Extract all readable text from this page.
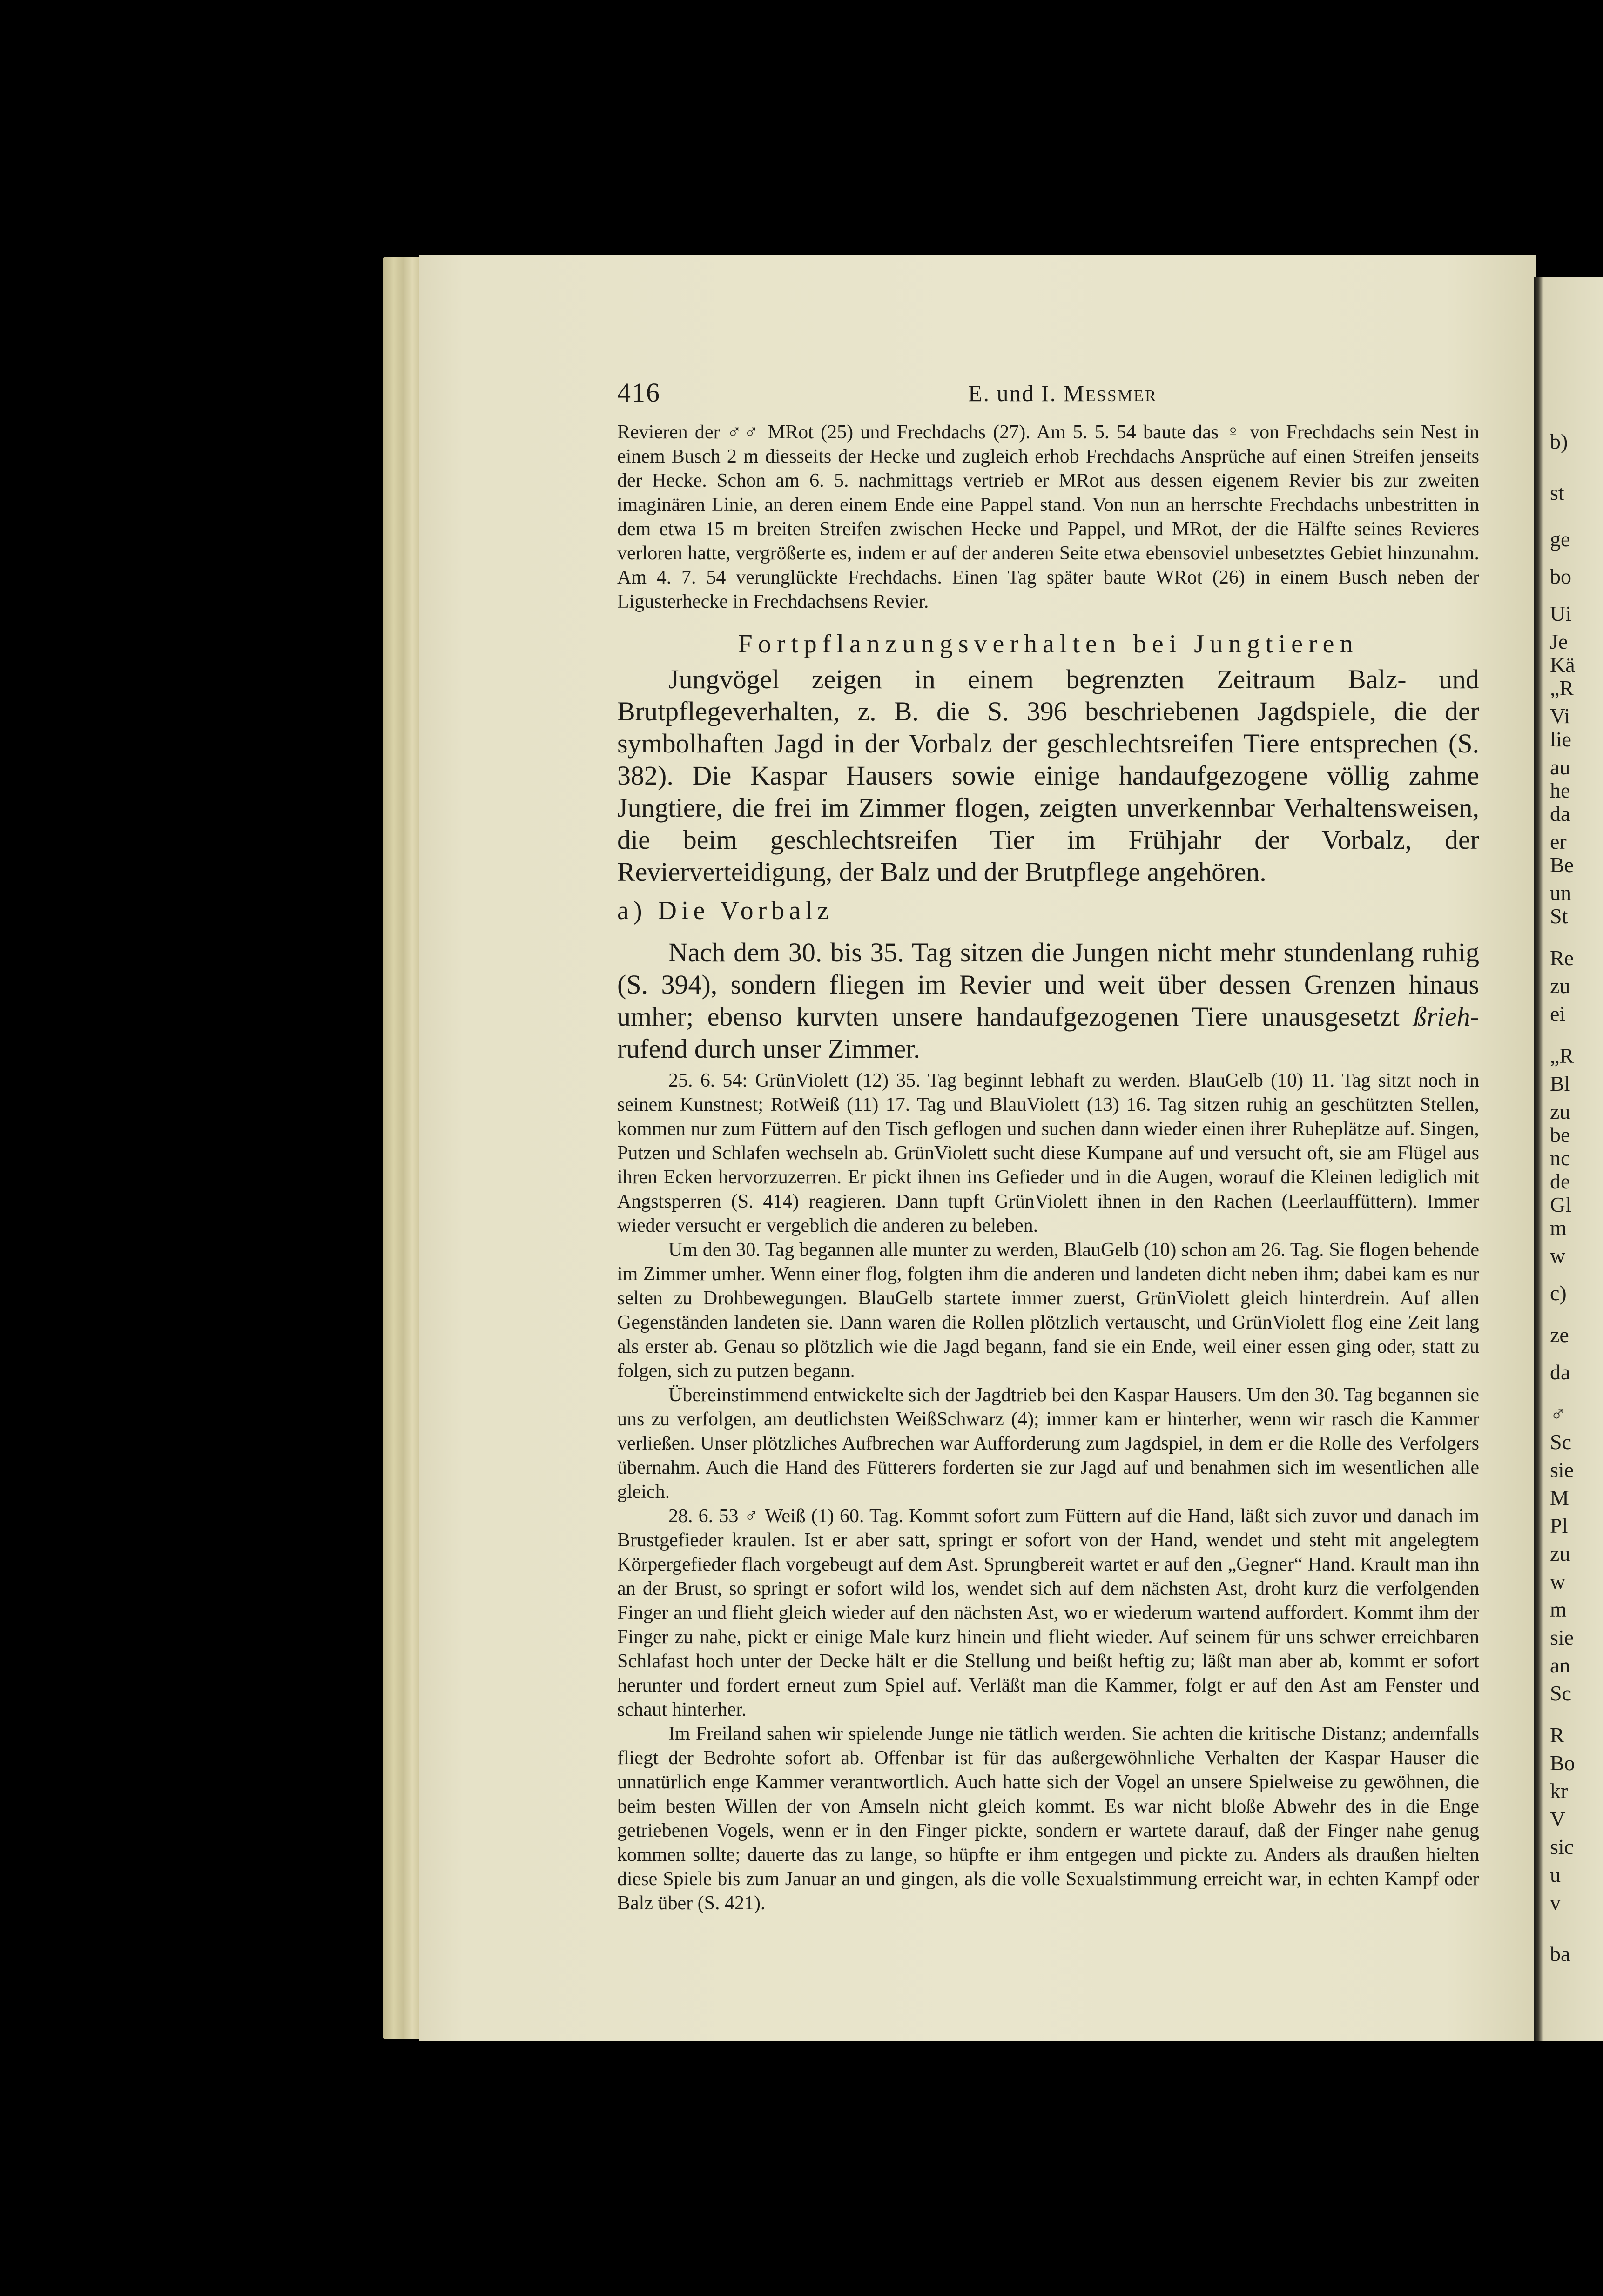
416	E. und I. Messmer

Revieren der ♂♂ MRot (25) und Frechdachs (27). Am 5. 5. 54 baute das ♀ von Frechdachs sein Nest in einem Busch 2 m diesseits der Hecke und zugleich erhob Frechdachs Ansprüche auf einen Streifen jenseits der Hecke. Schon am 6. 5. nachmittags vertrieb er MRot aus dessen eigenem Revier bis zur zweiten imaginären Linie, an deren einem Ende eine Pappel stand. Von nun an herrschte Frechdachs unbestritten in dem etwa 15 m breiten Streifen zwischen Hecke und Pappel, und MRot, der die Hälfte seines Revieres verloren hatte, vergrößerte es, indem er auf der anderen Seite etwa ebensoviel unbesetztes Gebiet hinzunahm. Am 4. 7. 54 verunglückte Frechdachs. Einen Tag später baute WRot (26) in einem Busch neben der Ligusterhecke in Frechdachsens Revier.

Fortpflanzungsverhalten bei Jungtieren

Jungvögel zeigen in einem begrenzten Zeitraum Balz- und Brutpflegeverhalten, z. B. die S. 396 beschriebenen Jagdspiele, die der symbolhaften Jagd in der Vorbalz der geschlechtsreifen Tiere entsprechen (S. 382). Die Kaspar Hausers sowie einige handaufgezogene völlig zahme Jungtiere, die frei im Zimmer flogen, zeigten unverkennbar Verhaltensweisen, die beim geschlechtsreifen Tier im Frühjahr der Vorbalz, der Revierverteidigung, der Balz und der Brutpflege angehören.

a) Die Vorbalz

Nach dem 30. bis 35. Tag sitzen die Jungen nicht mehr stundenlang ruhig (S. 394), sondern fliegen im Revier und weit über dessen Grenzen hinaus umher; ebenso kurvten unsere handaufgezogenen Tiere unausgesetzt ßrieh-rufend durch unser Zimmer.

25. 6. 54: GrünViolett (12) 35. Tag beginnt lebhaft zu werden. BlauGelb (10) 11. Tag sitzt noch in seinem Kunstnest; RotWeiß (11) 17. Tag und BlauViolett (13) 16. Tag sitzen ruhig an geschützten Stellen, kommen nur zum Füttern auf den Tisch geflogen und suchen dann wieder einen ihrer Ruheplätze auf. Singen, Putzen und Schlafen wechseln ab. GrünViolett sucht diese Kumpane auf und versucht oft, sie am Flügel aus ihren Ecken hervorzuzerren. Er pickt ihnen ins Gefieder und in die Augen, worauf die Kleinen lediglich mit Angstsperren (S. 414) reagieren. Dann tupft GrünViolett ihnen in den Rachen (Leerlauffüttern). Immer wieder versucht er vergeblich die anderen zu beleben.

Um den 30. Tag begannen alle munter zu werden, BlauGelb (10) schon am 26. Tag. Sie flogen behende im Zimmer umher. Wenn einer flog, folgten ihm die anderen und landeten dicht neben ihm; dabei kam es nur selten zu Drohbewegungen. BlauGelb startete immer zuerst, GrünViolett gleich hinterdrein. Auf allen Gegenständen landeten sie. Dann waren die Rollen plötzlich vertauscht, und GrünViolett flog eine Zeit lang als erster ab. Genau so plötzlich wie die Jagd begann, fand sie ein Ende, weil einer essen ging oder, statt zu folgen, sich zu putzen begann.

Übereinstimmend entwickelte sich der Jagdtrieb bei den Kaspar Hausers. Um den 30. Tag begannen sie uns zu verfolgen, am deutlichsten WeißSchwarz (4); immer kam er hinterher, wenn wir rasch die Kammer verließen. Unser plötzliches Aufbrechen war Aufforderung zum Jagdspiel, in dem er die Rolle des Verfolgers übernahm. Auch die Hand des Fütterers forderten sie zur Jagd auf und benahmen sich im wesentlichen alle gleich.

28. 6. 53 ♂ Weiß (1) 60. Tag. Kommt sofort zum Füttern auf die Hand, läßt sich zuvor und danach im Brustgefieder kraulen. Ist er aber satt, springt er sofort von der Hand, wendet und steht mit angelegtem Körpergefieder flach vorgebeugt auf dem Ast. Sprungbereit wartet er auf den „Gegner“ Hand. Krault man ihn an der Brust, so springt er sofort wild los, wendet sich auf dem nächsten Ast, droht kurz die verfolgenden Finger an und flieht gleich wieder auf den nächsten Ast, wo er wiederum wartend auffordert. Kommt ihm der Finger zu nahe, pickt er einige Male kurz hinein und flieht wieder. Auf seinem für uns schwer erreichbaren Schlafast hoch unter der Decke hält er die Stellung und beißt heftig zu; läßt man aber ab, kommt er sofort herunter und fordert erneut zum Spiel auf. Verläßt man die Kammer, folgt er auf den Ast am Fenster und schaut hinterher.

Im Freiland sahen wir spielende Junge nie tätlich werden. Sie achten die kritische Distanz; andernfalls fliegt der Bedrohte sofort ab. Offenbar ist für das außergewöhnliche Verhalten der Kaspar Hauser die unnatürlich enge Kammer verantwortlich. Auch hatte sich der Vogel an unsere Spielweise zu gewöhnen, die beim besten Willen der von Amseln nicht gleich kommt. Es war nicht bloße Abwehr des in die Enge getriebenen Vogels, wenn er in den Finger pickte, sondern er wartete darauf, daß der Finger nahe genug kommen sollte; dauerte das zu lange, so hüpfte er ihm entgegen und pickte zu. Anders als draußen hielten diese Spiele bis zum Januar an und gingen, als die volle Sexualstimmung erreicht war, in echten Kampf oder Balz über (S. 421).

b)
st
ge
bo
Ui
Je
Kä
„R
Vi
lie
au
he
da
er
Be
un
St
Re
zu
ei
„R
Bl
zu
be
nc
de
Gl
m
w
c)
ze
da
♂
Sc
sie
M
Pl
zu
w
m
sie
an
Sc
R
Bo
kr
V
sic
u
v
ba
